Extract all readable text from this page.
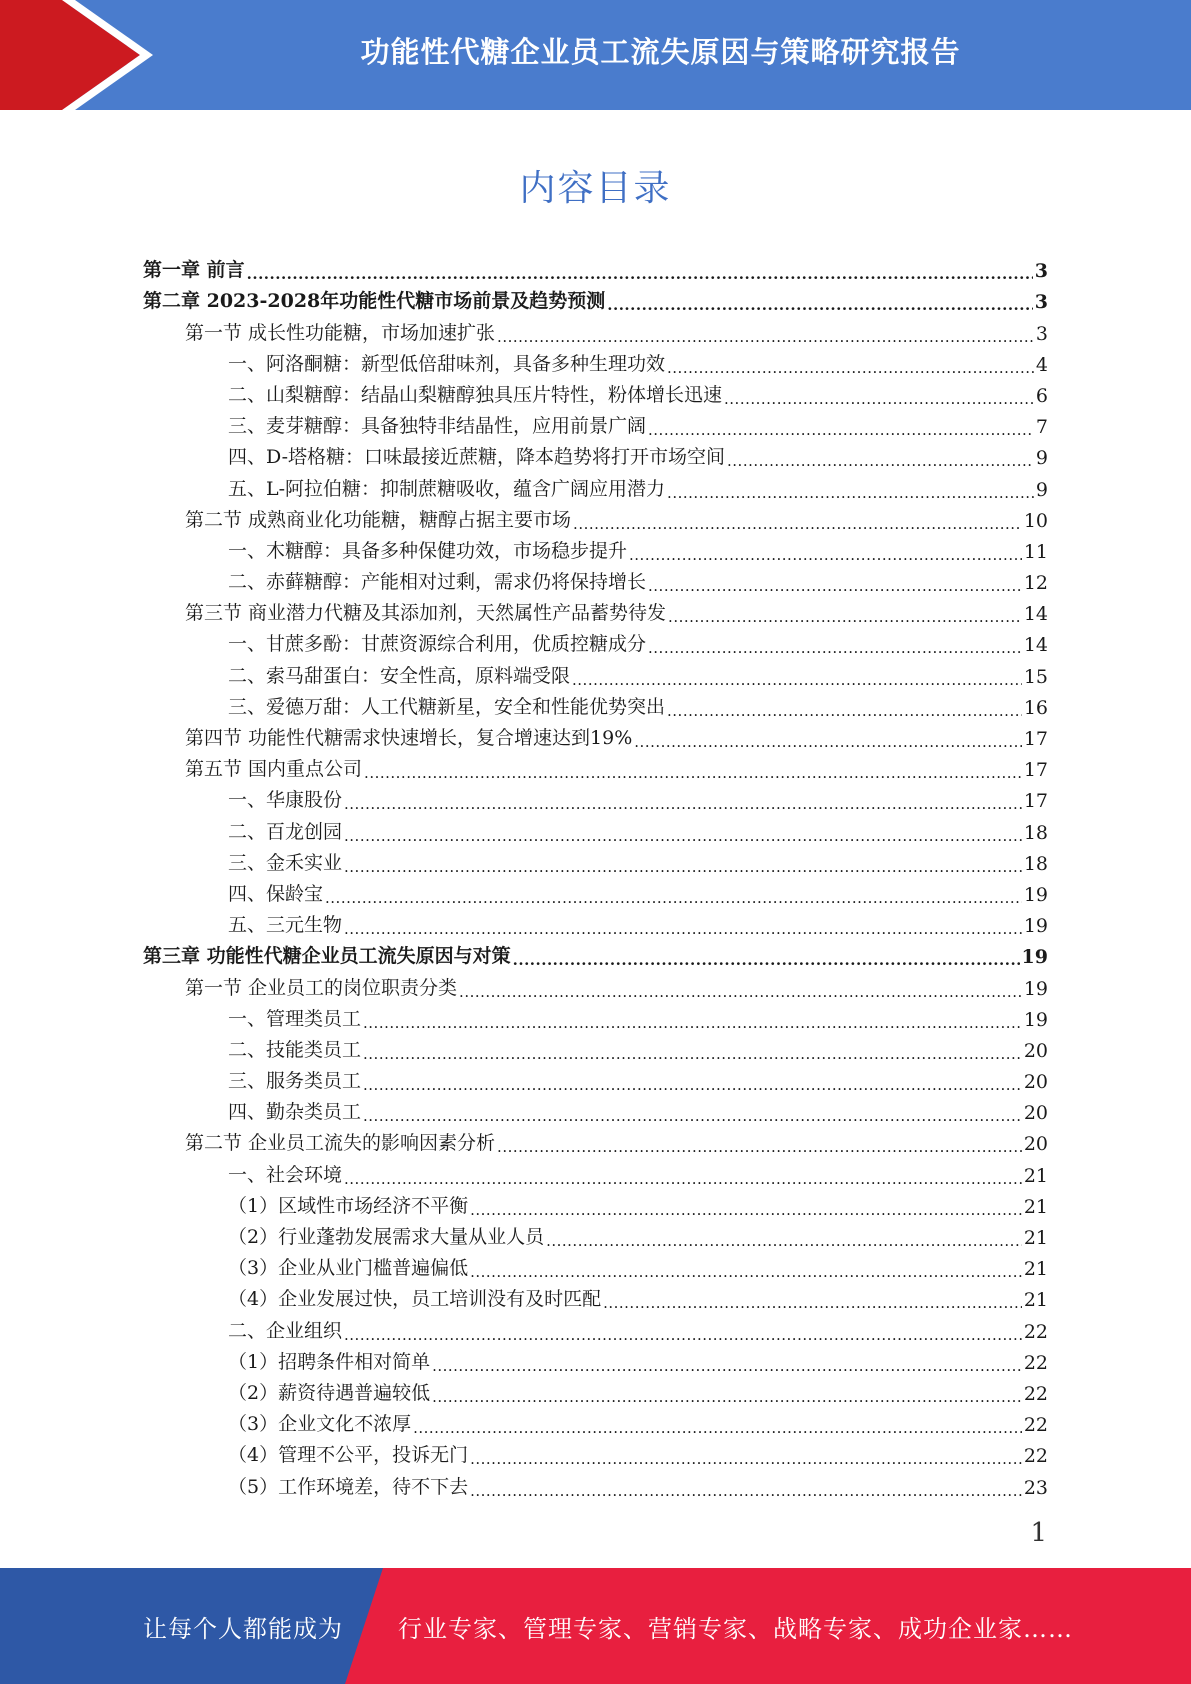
功能性代糖企业员工流失原因与策略研究报告
内容目录
第一章 前言 .....	3
第二章 2023-2028年功能性代糖市场前景及趋势预测 .....	3
第一节 成长性功能糖，市场加速扩张 .....	3
一、阿洛酮糖：新型低倍甜味剂，具备多种生理功效 .....	4
二、山梨糖醇：结晶山梨糖醇独具压片特性，粉体增长迅速 .....	6
三、麦芽糖醇：具备独特非结晶性，应用前景广阔 .....	7
四、D-塔格糖：口味最接近蔗糖，降本趋势将打开市场空间 .....	9
五、L-阿拉伯糖：抑制蔗糖吸收，蕴含广阔应用潜力 .....	9
第二节 成熟商业化功能糖，糖醇占据主要市场 .....	10
一、木糖醇：具备多种保健功效，市场稳步提升 .....	11
二、赤藓糖醇：产能相对过剩，需求仍将保持增长 .....	12
第三节 商业潜力代糖及其添加剂，天然属性产品蓄势待发 .....	14
一、甘蔗多酚：甘蔗资源综合利用，优质控糖成分 .....	14
二、索马甜蛋白：安全性高，原料端受限 .....	15
三、爱德万甜：人工代糖新星，安全和性能优势突出 .....	16
第四节 功能性代糖需求快速增长，复合增速达到19% .....	17
第五节 国内重点公司 .....	17
一、华康股份 .....	17
二、百龙创园 .....	18
三、金禾实业 .....	18
四、保龄宝 .....	19
五、三元生物 .....	19
第三章 功能性代糖企业员工流失原因与对策 .....	19
第一节 企业员工的岗位职责分类 .....	19
一、管理类员工 .....	19
二、技能类员工 .....	20
三、服务类员工 .....	20
四、勤杂类员工 .....	20
第二节 企业员工流失的影响因素分析 .....	20
一、社会环境 .....	21
（1）区域性市场经济不平衡 .....	21
（2）行业蓬勃发展需求大量从业人员 .....	21
（3）企业从业门槛普遍偏低 .....	21
（4）企业发展过快，员工培训没有及时匹配 .....	21
二、企业组织 .....	22
（1）招聘条件相对简单 .....	22
（2）薪资待遇普遍较低 .....	22
（3）企业文化不浓厚 .....	22
（4）管理不公平，投诉无门 .....	22
（5）工作环境差，待不下去 .....	23
1
让每个人都能成为 行业专家、管理专家、营销专家、战略专家、成功企业家……
